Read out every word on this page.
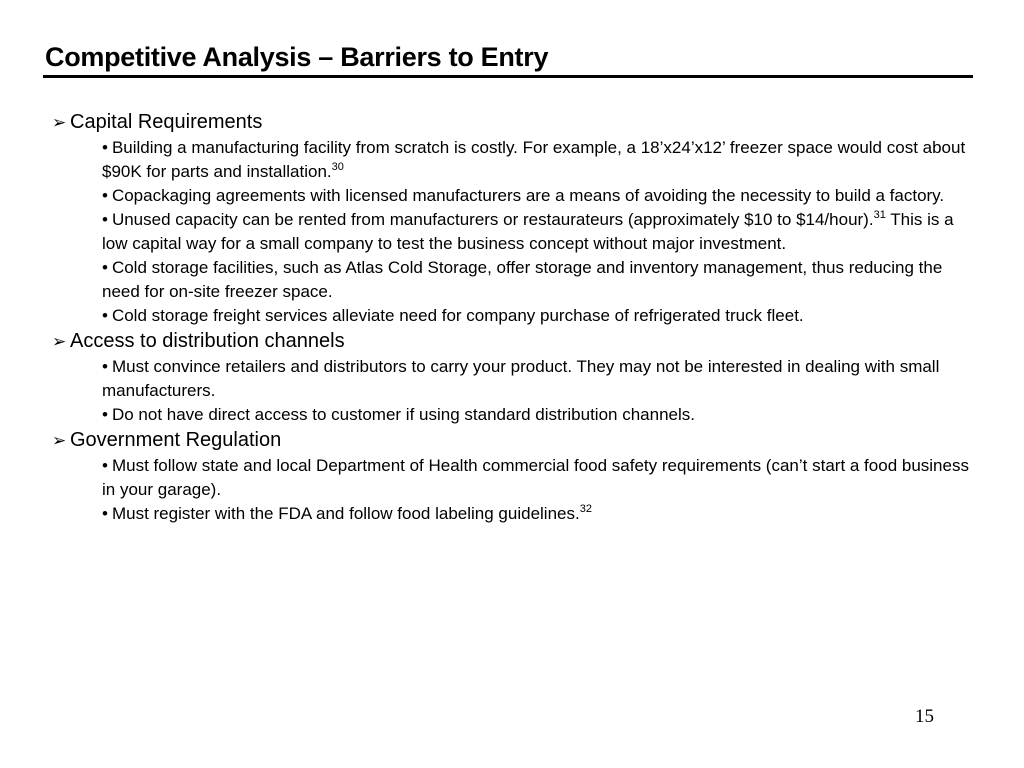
Competitive Analysis – Barriers to Entry

➢ Capital Requirements

• Building a manufacturing facility from scratch is costly. For example, a 18’x24’x12’ freezer space would cost about $90K for parts and installation.$^{30}$
• Copackaging agreements with licensed manufacturers are a means of avoiding the necessity to build a factory.
• Unused capacity can be rented from manufacturers or restaurateurs (approximately $10 to $14/hour).$^{31}$ This is a low capital way for a small company to test the business concept without major investment.
• Cold storage facilities, such as Atlas Cold Storage, offer storage and inventory management, thus reducing the need for on-site freezer space.
• Cold storage freight services alleviate need for company purchase of refrigerated truck fleet.

➢ Access to distribution channels

• Must convince retailers and distributors to carry your product. They may not be interested in dealing with small manufacturers.
• Do not have direct access to customer if using standard distribution channels.

➢ Government Regulation

• Must follow state and local Department of Health commercial food safety requirements (can’t start a food business in your garage).
• Must register with the FDA and follow food labeling guidelines.$^{32}$
15
